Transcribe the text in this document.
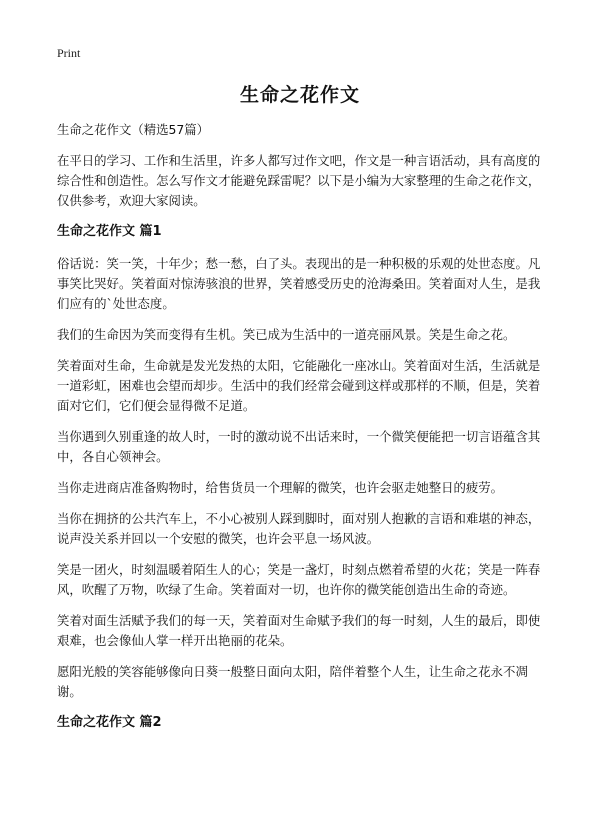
Print
生命之花作文

生命之花作文（精选57篇）

在平日的学习、工作和生活里，许多人都写过作文吧，作文是一种言语活动，具有高度的综合性和创造性。怎么写作文才能避免踩雷呢？以下是小编为大家整理的生命之花作文，仅供参考，欢迎大家阅读。

生命之花作文 篇1

俗话说：笑一笑，十年少；愁一愁，白了头。表现出的是一种积极的乐观的处世态度。凡事笑比哭好。笑着面对惊涛骇浪的世界，笑着感受历史的沧海桑田。笑着面对人生，是我们应有的`处世态度。

我们的生命因为笑而变得有生机。笑已成为生活中的一道亮丽风景。笑是生命之花。

笑着面对生命，生命就是发光发热的太阳，它能融化一座冰山。笑着面对生活，生活就是一道彩虹，困难也会望而却步。生活中的我们经常会碰到这样或那样的不顺，但是，笑着面对它们，它们便会显得微不足道。

当你遇到久别重逢的故人时，一时的激动说不出话来时，一个微笑便能把一切言语蕴含其中，各自心领神会。

当你走进商店准备购物时，给售货员一个理解的微笑，也许会驱走她整日的疲劳。

当你在拥挤的公共汽车上，不小心被别人踩到脚时，面对别人抱歉的言语和难堪的神态，说声没关系并回以一个安慰的微笑，也许会平息一场风波。

笑是一团火，时刻温暖着陌生人的心；笑是一盏灯，时刻点燃着希望的火花；笑是一阵春风，吹醒了万物，吹绿了生命。笑着面对一切，也许你的微笑能创造出生命的奇迹。

笑着对面生活赋予我们的每一天，笑着面对生命赋予我们的每一时刻，人生的最后，即使艰难，也会像仙人掌一样开出艳丽的花朵。

愿阳光般的笑容能够像向日葵一般整日面向太阳，陪伴着整个人生，让生命之花永不凋谢。

生命之花作文 篇2
